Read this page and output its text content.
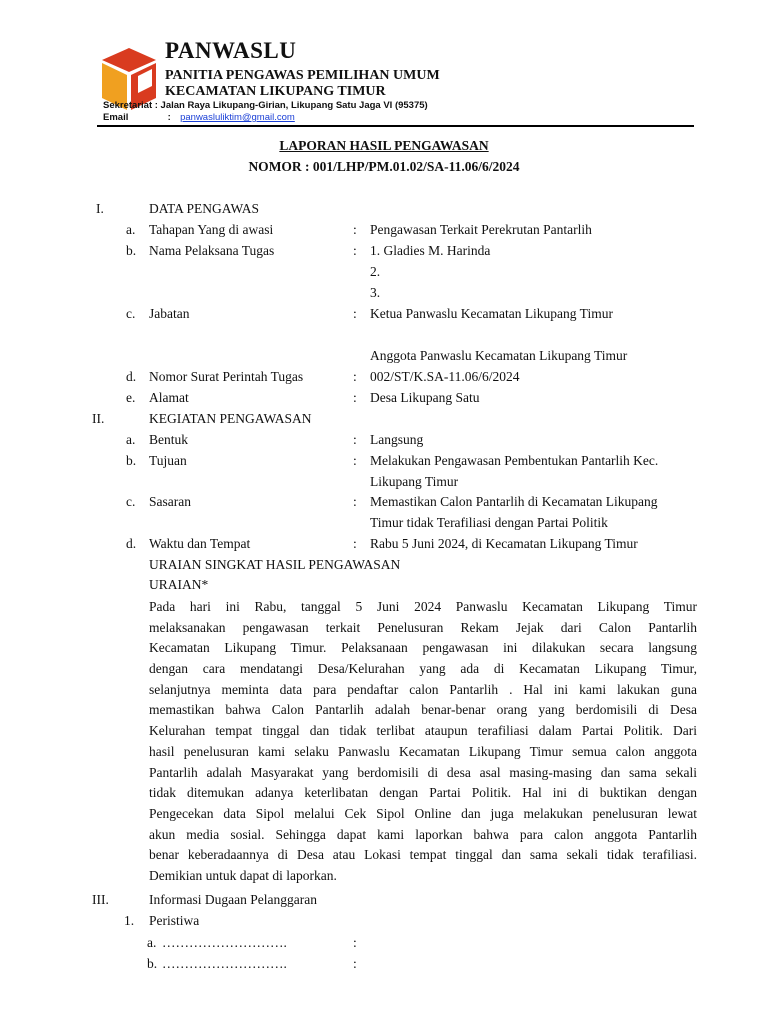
PANWASLU
PANITIA PENGAWAS PEMILIHAN UMUM
KECAMATAN LIKUPANG TIMUR
Sekretariat : Jalan Raya Likupang-Girian, Likupang Satu Jaga VI (95375)
Email	: panwasluliktim@gmail.com
LAPORAN HASIL PENGAWASAN
NOMOR : 001/LHP/PM.01.02/SA-11.06/6/2024
I.	DATA PENGAWAS
a. Tahapan Yang di awasi	: Pengawasan Terkait Perekrutan Pantarlih
b. Nama Pelaksana Tugas	: 1. Gladies M. Harinda
2.
3.
c. Jabatan	: Ketua Panwaslu Kecamatan Likupang Timur
Anggota Panwaslu Kecamatan Likupang Timur
d. Nomor Surat Perintah Tugas	: 002/ST/K.SA-11.06/6/2024
e. Alamat	: Desa Likupang Satu
II.	KEGIATAN PENGAWASAN
a. Bentuk	: Langsung
b. Tujuan	: Melakukan Pengawasan Pembentukan Pantarlih Kec.
Likupang Timur
c. Sasaran	: Memastikan Calon Pantarlih di Kecamatan Likupang
Timur tidak Terafiliasi dengan Partai Politik
d. Waktu dan Tempat	: Rabu 5 Juni 2024, di Kecamatan Likupang Timur
URAIAN SINGKAT HASIL PENGAWASAN
URAIAN*
Pada hari ini Rabu, tanggal 5 Juni 2024 Panwaslu Kecamatan Likupang Timur
melaksanakan pengawasan terkait Penelusuran Rekam Jejak dari Calon Pantarlih
Kecamatan Likupang Timur. Pelaksanaan pengawasan ini dilakukan secara langsung
dengan cara mendatangi Desa/Kelurahan yang ada di Kecamatan Likupang Timur,
selanjutnya meminta data para pendaftar calon Pantarlih . Hal ini kami lakukan guna
memastikan bahwa Calon Pantarlih adalah benar-benar orang yang berdomisili di Desa
Kelurahan tempat tinggal dan tidak terlibat ataupun terafiliasi dalam Partai Politik. Dari
hasil penelusuran kami selaku Panwaslu Kecamatan Likupang Timur semua calon anggota
Pantarlih adalah Masyarakat yang berdomisili di desa asal masing-masing dan sama sekali
tidak ditemukan adanya keterlibatan dengan Partai Politik. Hal ini di buktikan dengan
Pengecekan data Sipol melalui Cek Sipol Online dan juga melakukan penelusuran lewat
akun media sosial. Sehingga dapat kami laporkan bahwa para calon anggota Pantarlih
benar keberadaannya di Desa atau Lokasi tempat tinggal dan sama sekali tidak terafiliasi.
Demikian untuk dapat di laporkan.
III.	Informasi Dugaan Pelanggaran
1. Peristiwa
a. ……………………….	:
b. ……………………….	:
